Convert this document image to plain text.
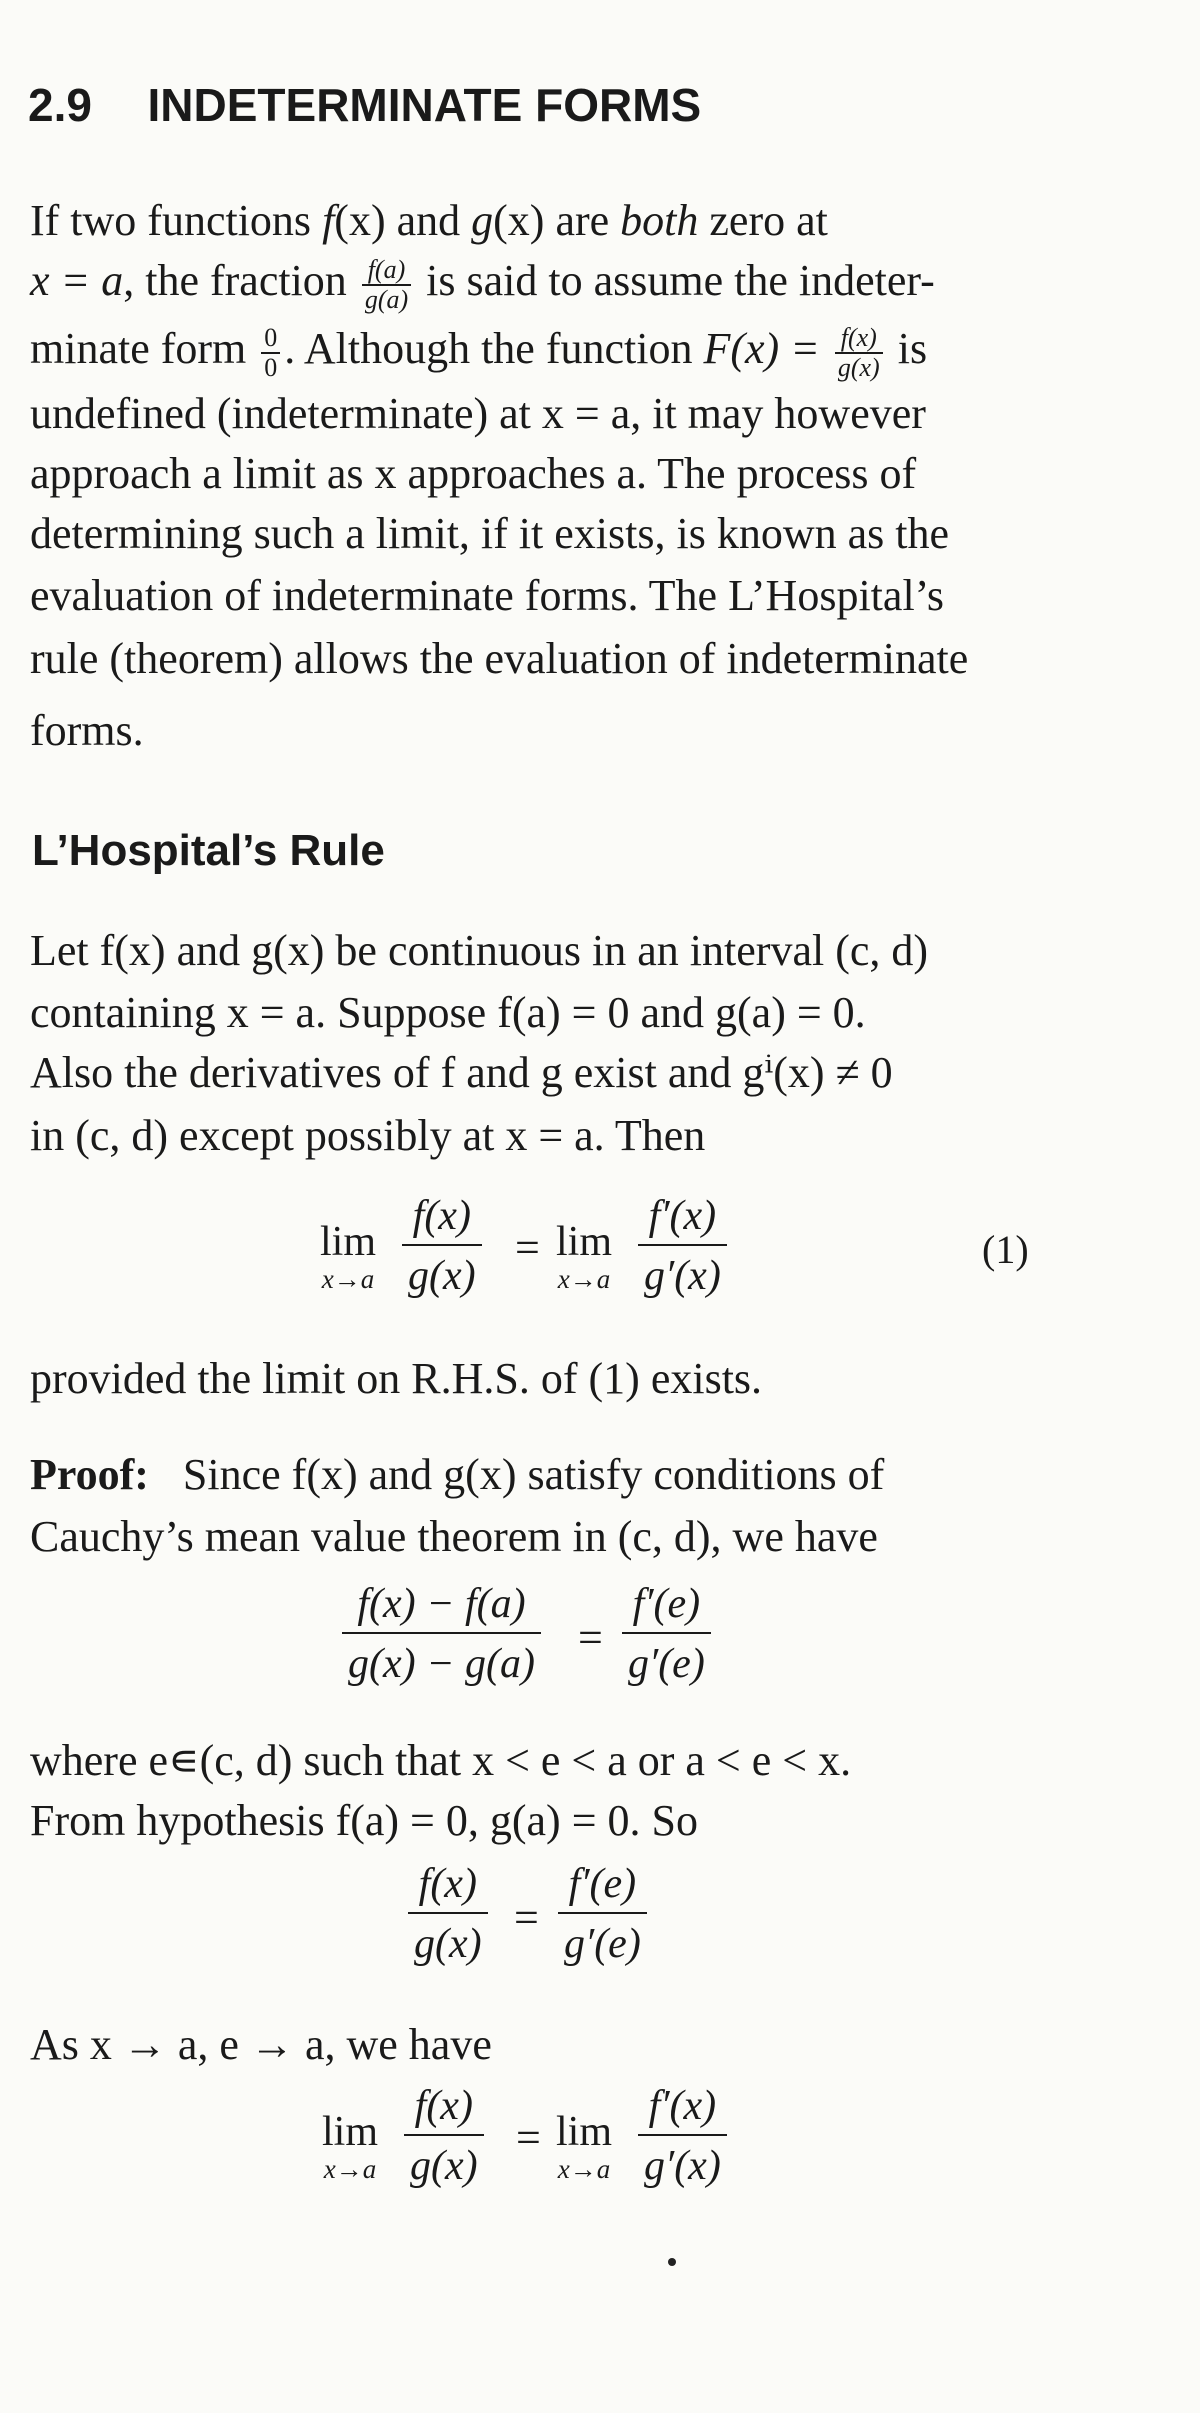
2.9 INDETERMINATE FORMS
If two functions f(x) and g(x) are both zero at
x = a, the fraction $\frac{f(a)}{g(a)}$ is said to assume the indeter-
minate form $\frac{0}{0}$ . Although the function $F(x) = \frac{f(x)}{g(x)}$ is
undefined (indeterminate) at x = a, it may however
approach a limit as x approaches a. The process of
determining such a limit, if it exists, is known as the
evaluation of indeterminate forms. The L’Hospital’s
rule (theorem) allows the evaluation of indeterminate
forms.
L’Hospital’s Rule
Let f(x) and g(x) be continuous in an interval (c, d)
containing x = a. Suppose f(a) = 0 and g(a) = 0.
Also the derivatives of f and g exist and gⁱ(x) ≠ 0
in (c, d) except possibly at x = a. Then
lim
$x\to a \frac{f(x)}{g(x)} = \lim$
$x\to a \frac{f'(x)}{g'(x)}$	(1)
provided the limit on R.H.S. of (1) exists.
Proof: Since f(x) and g(x) satisfy conditions of
Cauchy’s mean value theorem in (c, d), we have
$\frac{f(x) - f(a)}{g(x) - g(a)} = \frac{f'(e)}{g'(e)}$
where e∊(c, d) such that x < e < a or a < e < x.
From hypothesis f(a) = 0, g(a) = 0. So
$\frac{f(x)}{g(x)} = \frac{f'(e)}{g'(e)}$
As x → a, e → a, we have
lim
$x\to a \frac{f(x)}{g(x)} = \lim$
$x\to a \frac{f'(x)}{g'(x)}$
